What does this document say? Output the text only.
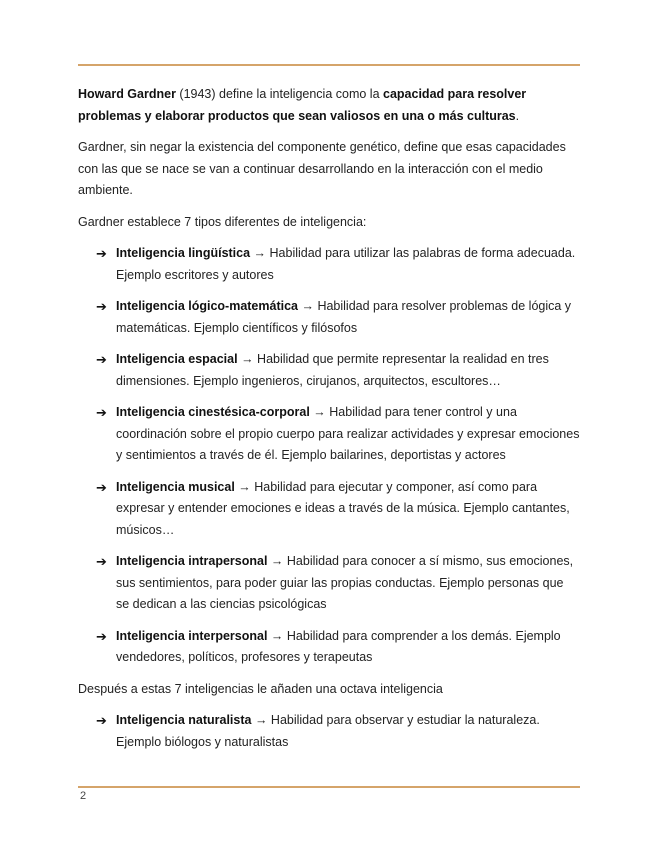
Howard Gardner (1943) define la inteligencia como la capacidad para resolver problemas y elaborar productos que sean valiosos en una o más culturas.

Gardner, sin negar la existencia del componente genético, define que esas capacidades con las que se nace se van a continuar desarrollando en la interacción con el medio ambiente.

Gardner establece 7 tipos diferentes de inteligencia:

➔ Inteligencia lingüística → Habilidad para utilizar las palabras de forma adecuada. Ejemplo escritores y autores
➔ Inteligencia lógico-matemática → Habilidad para resolver problemas de lógica y matemáticas. Ejemplo científicos y filósofos
➔ Inteligencia espacial → Habilidad que permite representar la realidad en tres dimensiones. Ejemplo ingenieros, cirujanos, arquitectos, escultores…
➔ Inteligencia cinestésica-corporal → Habilidad para tener control y una coordinación sobre el propio cuerpo para realizar actividades y expresar emociones y sentimientos a través de él. Ejemplo bailarines, deportistas y actores
➔ Inteligencia musical → Habilidad para ejecutar y componer, así como para expresar y entender emociones e ideas a través de la música. Ejemplo cantantes, músicos…
➔ Inteligencia intrapersonal → Habilidad para conocer a sí mismo, sus emociones, sus sentimientos, para poder guiar las propias conductas. Ejemplo personas que se dedican a las ciencias psicológicas
➔ Inteligencia interpersonal → Habilidad para comprender a los demás. Ejemplo vendedores, políticos, profesores y terapeutas

Después a estas 7 inteligencias le añaden una octava inteligencia

➔ Inteligencia naturalista → Habilidad para observar y estudiar la naturaleza. Ejemplo biólogos y naturalistas
2
